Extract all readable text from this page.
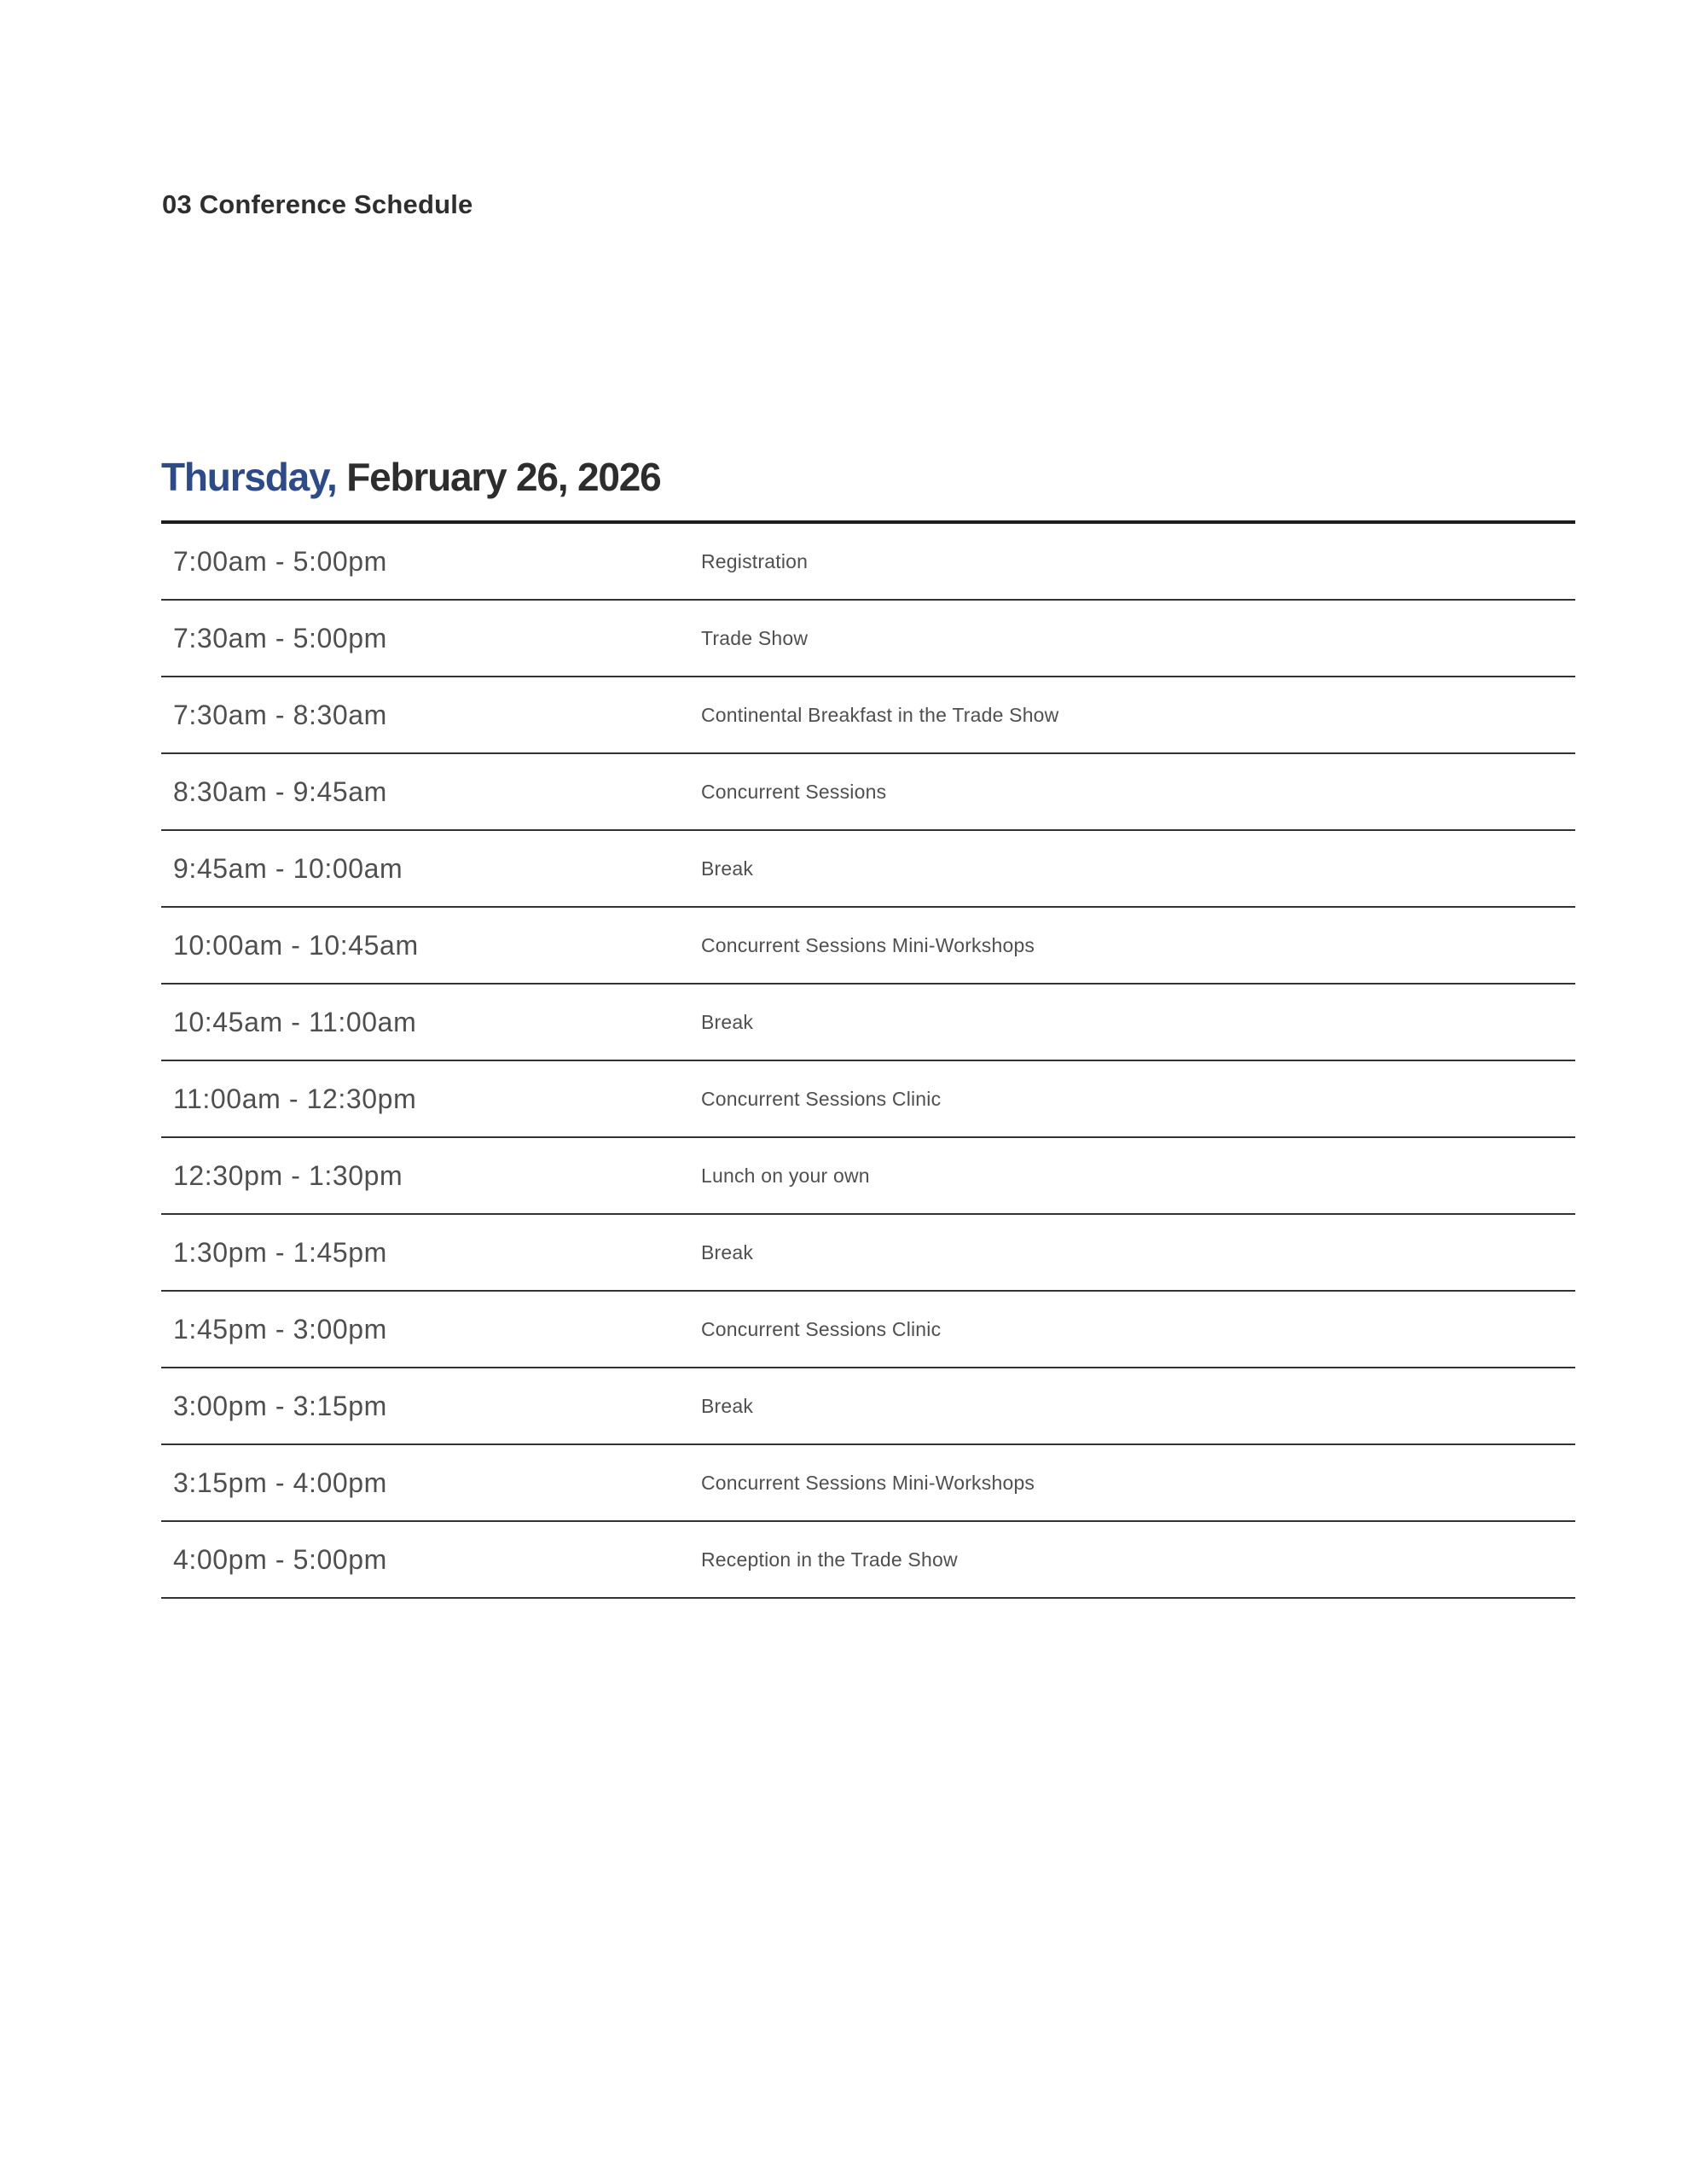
03 Conference Schedule
Thursday, February 26, 2026
7:00am - 5:00pm	Registration
7:30am - 5:00pm	Trade Show
7:30am - 8:30am	Continental Breakfast in the Trade Show
8:30am - 9:45am	Concurrent Sessions
9:45am - 10:00am	Break
10:00am - 10:45am	Concurrent Sessions Mini-Workshops
10:45am - 11:00am	Break
11:00am - 12:30pm	Concurrent Sessions Clinic
12:30pm - 1:30pm	Lunch on your own
1:30pm - 1:45pm	Break
1:45pm - 3:00pm	Concurrent Sessions Clinic
3:00pm - 3:15pm	Break
3:15pm - 4:00pm	Concurrent Sessions Mini-Workshops
4:00pm - 5:00pm	Reception in the Trade Show
